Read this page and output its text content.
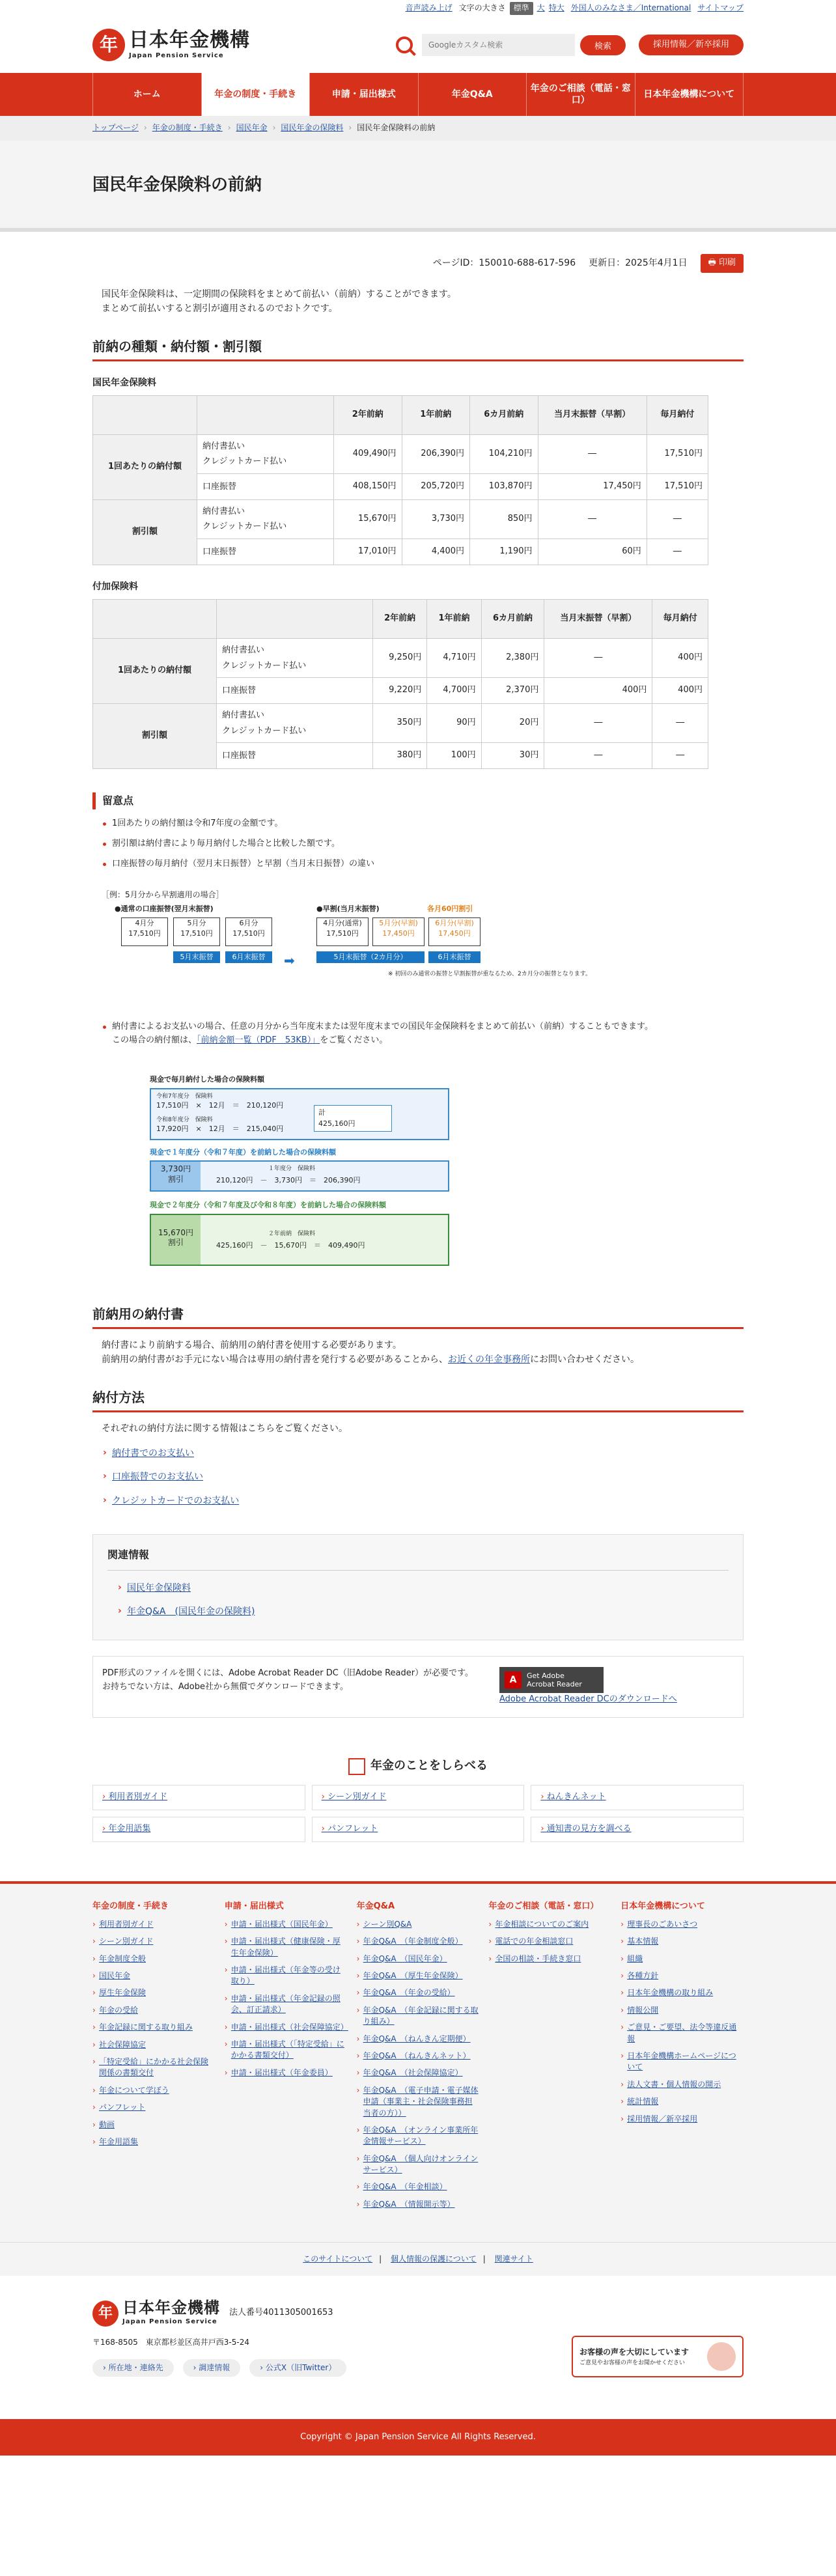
音声読み上げ 文字の大きさ	標準	大 特大 外国人のみなさま／International サイトマップ
年 日本年金機構
Japan Pension Service
Googleカスタム検索
検索	採用情報／新卒採用
ホーム	年金の制度・手続き	申請・届出様式	年金Q&A
年金のご相談（電話・窓口）
日本年金機構について
トップページ › 年金の制度・手続き › 国民年金 › 国民年金の保険料 › 国民年金保険料の前納
国民年金保険料の前納
ページID：150010-688-617-596 更新日：2025年4月1日	🖶 印刷

国民年金保険料は、一定期間の保険料をまとめて前払い（前納）することができます。

まとめて前払いすると割引が適用されるのでおトクです。

前納の種類・納付額・割引額
国民年金保険料
		2年前納	1年前納	6カ月前納	当月末振替（早割）	毎月納付
1回あたりの納付額	納付書払い
クレジットカード払い	409,490円	206,390円	104,210円	―	17,510円
	口座振替	408,150円	205,720円	103,870円	17,450円	17,510円
割引額	納付書払い
クレジットカード払い	15,670円	3,730円	850円	―	―
	口座振替	17,010円	4,400円	1,190円	60円	―
付加保険料
		2年前納	1年前納	6カ月前納	当月末振替（早割）	毎月納付
1回あたりの納付額	納付書払い
クレジットカード払い	9,250円	4,710円	2,380円	―	400円
	口座振替	9,220円	4,700円	2,370円	400円	400円
割引額	納付書払い
クレジットカード払い	350円	90円	20円	―	―
	口座振替	380円	100円	30円	―	―
留意点
1回あたりの納付額は令和7年度の金額です。
割引額は納付書により毎月納付した場合と比較した額です。
口座振替の毎月納付（翌月末日振替）と早割（当月末日振替）の違い
［例：5月分から早割適用の場合］
●通常の口座振替(翌月末振替)	●早割(当月末振替)	各月60円割引
4月分
17,510円
5月分
17,510円
6月分
17,510円
5月末振替	6月末振替	➡
4月分(通常)
17,510円
5月分(早割)
17,450円
6月分(早割)
17,450円
5月末振替（2カ月分）	6月末振替
※ 初回のみ通常の振替と早割振替が重なるため、2カ月分の振替となります。
納付書によるお支払いの場合、任意の月分から当年度末または翌年度末までの国民年金保険料をまとめて前払い（前納）することもできます。
この場合の納付額は、「前納金額一覧（PDF　53KB）」をご覧ください。
現金で毎月納付した場合の保険料額
令和7年度分　保険料
17,510円　×　12月　＝　210,120円
令和8年度分　保険料
17,920円　×　12月　＝　215,040円
計
425,160円
現金で１年度分（令和７年度）を前納した場合の保険料額
3,730円
割引
１年度分　保険料
210,120円　－　3,730円　＝　206,390円
現金で２年度分（令和７年度及び令和８年度）を前納した場合の保険料額
15,670円
割引
２年前納　保険料
425,160円　－　15,670円　＝　409,490円
前納用の納付書

納付書により前納する場合、前納用の納付書を使用する必要があります。

前納用の納付書がお手元にない場合は専用の納付書を発行する必要があることから、お近くの年金事務所にお問い合わせください。

納付方法

それぞれの納付方法に関する情報はこちらをご覧ください。

› 納付書でのお支払い
› 口座振替でのお支払い
› クレジットカードでのお支払い
関連情報
› 国民年金保険料
› 年金Q&A　(国民年金の保険料)

PDF形式のファイルを開くには、Adobe Acrobat Reader DC（旧Adobe Reader）が必要です。お持ちでない方は、Adobe社から無償でダウンロードできます。

A	Get Adobe
Acrobat Reader
Adobe Acrobat Reader DCのダウンロードへ
年金のことをしらべる
› 利用者別ガイド	› シーン別ガイド	› ねんきんネット
› 年金用語集	› パンフレット	› 通知書の見方を調べる
年金の制度・手続き
› 利用者別ガイド
› シーン別ガイド
› 年金制度全般
› 国民年金
› 厚生年金保険
› 年金の受給
› 年金記録に関する取り組み
› 社会保障協定
› 「特定受給」にかかる社会保険関係の書類交付
› 年金について学ぼう
› パンフレット
› 動画
› 年金用語集
申請・届出様式
› 申請・届出様式（国民年金）
› 申請・届出様式（健康保険・厚生年金保険）
› 申請・届出様式（年金等の受け取り）
› 申請・届出様式（年金記録の照会、訂正請求）
› 申請・届出様式（社会保障協定）
› 申請・届出様式（「特定受給」にかかる書類交付）
› 申請・届出様式（年金委員）
年金Q&A
› シーン別Q&A
› 年金Q&A　（年金制度全般）
› 年金Q&A　（国民年金）
› 年金Q&A　（厚生年金保険）
› 年金Q&A　（年金の受給）
› 年金Q&A　（年金記録に関する取り組み）
› 年金Q&A　（ねんきん定期便）
› 年金Q&A　（ねんきんネット）
› 年金Q&A　（社会保障協定）
› 年金Q&A　（電子申請・電子媒体申請（事業主・社会保険事務担当者の方））
› 年金Q&A　（オンライン事業所年金情報サービス）
› 年金Q&A　（個人向けオンラインサービス）
› 年金Q&A　（年金相談）
› 年金Q&A　（情報開示等）
年金のご相談（電話・窓口）
› 年金相談についてのご案内
› 電話での年金相談窓口
› 全国の相談・手続き窓口
日本年金機構について
› 理事長のごあいさつ
› 基本情報
› 組織
› 各種方針
› 日本年金機構の取り組み
› 情報公開
› ご意見・ご要望、法令等違反通報
› 日本年金機構ホームページについて
› 法人文書・個人情報の開示
› 統計情報
› 採用情報／新卒採用
このサイトについて | 個人情報の保護について | 関連サイト
年 日本年金機構
Japan Pension Service
法人番号4011305001653
〒168-8505　東京都杉並区高井戸西3-5-24
› 所在地・連絡先	› 調達情報	› 公式X（旧Twitter）
お客様の声を大切にしています
ご意見やお客様の声をお聞かせください
Copyright © Japan Pension Service All Rights Reserved.
